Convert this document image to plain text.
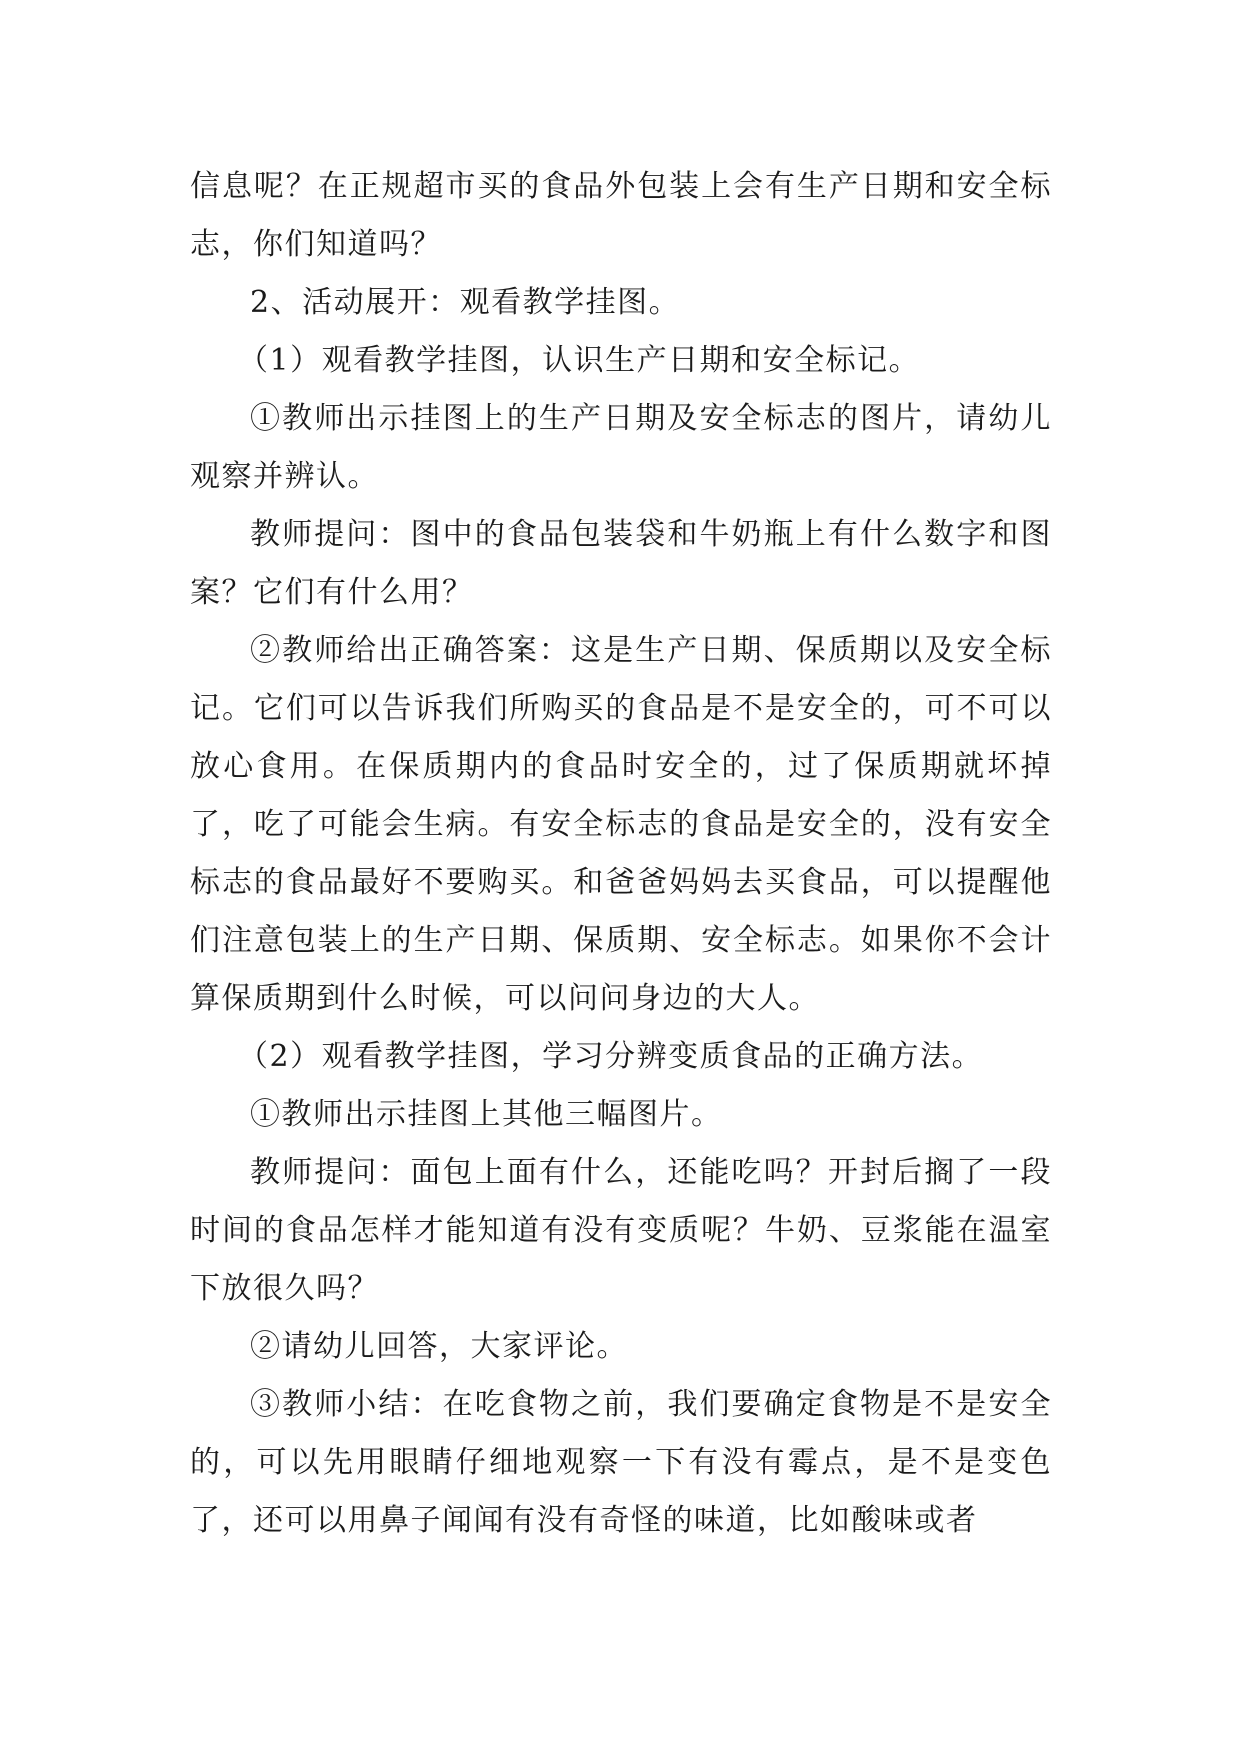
信息呢？在正规超市买的食品外包装上会有生产日期和安全标志，你们知道吗？

2、活动展开：观看教学挂图。

（1）观看教学挂图，认识生产日期和安全标记。

①教师出示挂图上的生产日期及安全标志的图片，请幼儿观察并辨认。

教师提问：图中的食品包装袋和牛奶瓶上有什么数字和图案？它们有什么用？

②教师给出正确答案：这是生产日期、保质期以及安全标记。它们可以告诉我们所购买的食品是不是安全的，可不可以放心食用。在保质期内的食品时安全的，过了保质期就坏掉了，吃了可能会生病。有安全标志的食品是安全的，没有安全标志的食品最好不要购买。和爸爸妈妈去买食品，可以提醒他们注意包装上的生产日期、保质期、安全标志。如果你不会计算保质期到什么时候，可以问问身边的大人。

（2）观看教学挂图，学习分辨变质食品的正确方法。

①教师出示挂图上其他三幅图片。

教师提问：面包上面有什么，还能吃吗？开封后搁了一段时间的食品怎样才能知道有没有变质呢？牛奶、豆浆能在温室下放很久吗？

②请幼儿回答，大家评论。

③教师小结：在吃食物之前，我们要确定食物是不是安全的，可以先用眼睛仔细地观察一下有没有霉点，是不是变色了，还可以用鼻子闻闻有没有奇怪的味道，比如酸味或者
